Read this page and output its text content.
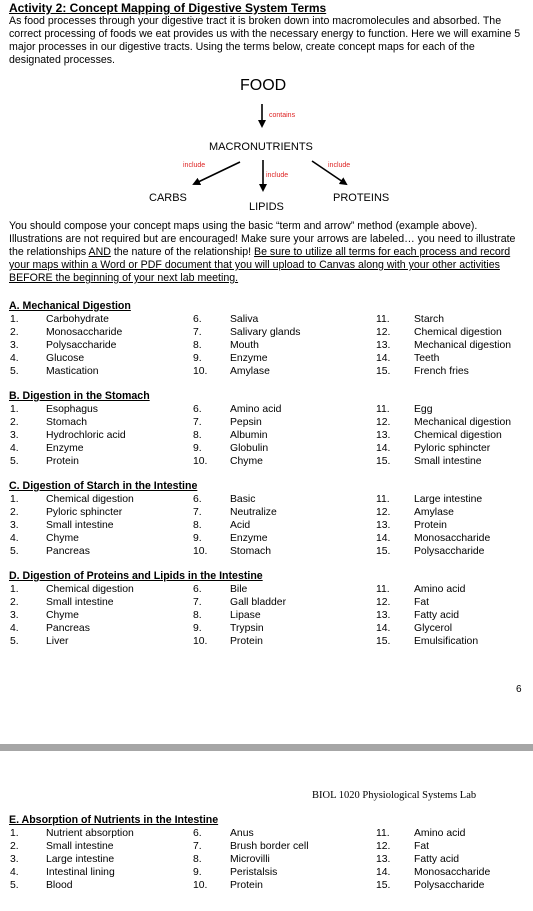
Activity 2: Concept Mapping of Digestive System Terms
As food processes through your digestive tract it is broken down into macromolecules and absorbed. The correct processing of foods we eat provides us with the necessary energy to function. Here we will examine 5 major processes in our digestive tracts. Using the terms below, create concept maps for each of the designated processes.
FOOD
contains
MACRONUTRIENTS
include
include
include
CARBS
LIPIDS
PROTEINS
You should compose your concept maps using the basic “term and arrow” method (example above). Illustrations are not required but are encouraged! Make sure your arrows are labeled… you need to illustrate the relationships AND the nature of the relationship! Be sure to utilize all terms for each process and record your maps within a Word or PDF document that you will upload to Canvas along with your other activities BEFORE the beginning of your next lab meeting.
A. Mechanical Digestion
1.	Carbohydrate	6.	Saliva	11. Starch
2.	Monosaccharide	7.	Salivary glands	12. Chemical digestion
3.	Polysaccharide	8.	Mouth	13. Mechanical digestion
4.	Glucose	9.	Enzyme	14. Teeth
5.	Mastication	10. Amylase	15. French fries
B. Digestion in the Stomach
1.	Esophagus	6.	Amino acid	11. Egg
2.	Stomach	7.	Pepsin	12. Mechanical digestion
3.	Hydrochloric acid	8.	Albumin	13. Chemical digestion
4.	Enzyme	9.	Globulin	14. Pyloric sphincter
5.	Protein	10. Chyme	15. Small intestine
C. Digestion of Starch in the Intestine
1.	Chemical digestion	6.	Basic	11. Large intestine
2.	Pyloric sphincter	7.	Neutralize	12. Amylase
3.	Small intestine	8.	Acid	13. Protein
4.	Chyme	9.	Enzyme	14. Monosaccharide
5.	Pancreas	10. Stomach	15. Polysaccharide
D. Digestion of Proteins and Lipids in the Intestine
1.	Chemical digestion	6.	Bile	11. Amino acid
2.	Small intestine	7.	Gall bladder	12. Fat
3.	Chyme	8.	Lipase	13. Fatty acid
4.	Pancreas	9.	Trypsin	14. Glycerol
5.	Liver	10. Protein	15. Emulsification
6
BIOL 1020 Physiological Systems Lab
E. Absorption of Nutrients in the Intestine
1.	Nutrient absorption	6.	Anus	11. Amino acid
2.	Small intestine	7.	Brush border cell	12. Fat
3.	Large intestine	8.	Microvilli	13. Fatty acid
4.	Intestinal lining	9.	Peristalsis	14. Monosaccharide
5.	Blood	10. Protein	15. Polysaccharide
